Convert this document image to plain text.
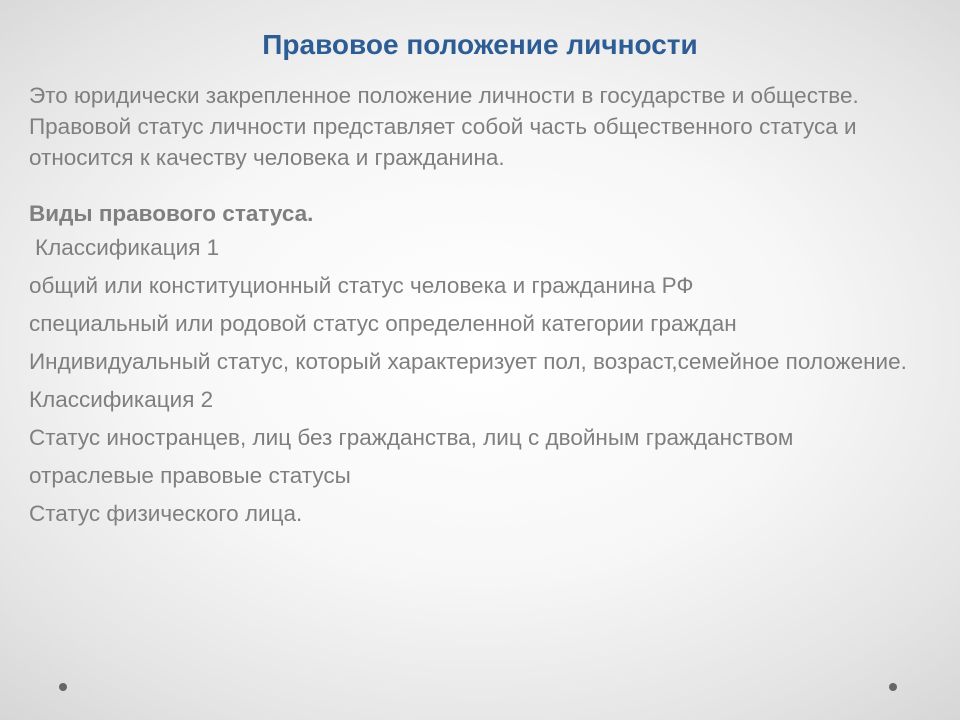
Правовое положение личности

Это юридически закрепленное положение личности в государстве и обществе. Правовой статус личности представляет собой часть общественного статуса и относится к качеству человека и гражданина.

Виды правового статуса.

Классификация 1

общий или конституционный статус человека и гражданина РФ

специальный или родовой статус определенной категории граждан

Индивидуальный статус, который характеризует пол, возраст,семейное положение.

Классификация 2

Статус иностранцев, лиц без гражданства, лиц с двойным гражданством

отраслевые правовые статусы

Статус физического лица.
